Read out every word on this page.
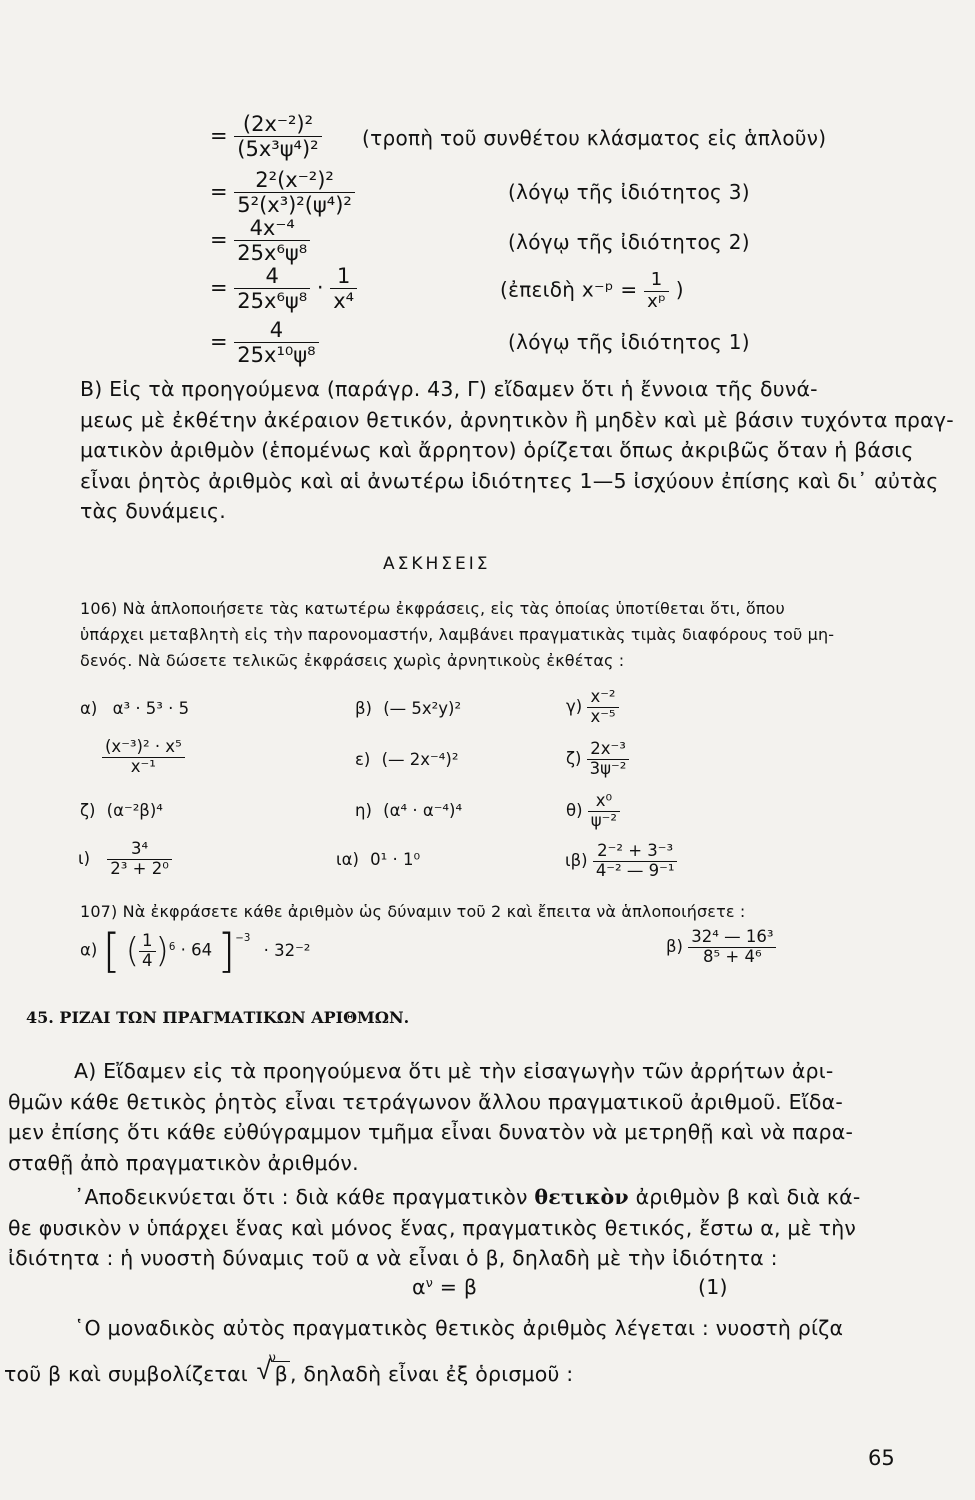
= $\frac{\text{(2x⁻²)²}}{\text{(5x³ψ⁴)²}}$ (τροπὴ τοῦ συνθέτου κλάσματος εἰς ἁπλοῦν)
= $\frac{\text{2²(x⁻²)²}}{\text{5²(x³)²(ψ⁴)²}}$	(λόγῳ τῆς ἰδιότητος 3)
= $\frac{\text{4x⁻⁴}}{\text{25x⁶ψ⁸}}$	(λόγῳ τῆς ἰδιότητος 2)
= $\frac{4}{\text{25x⁶ψ⁸}} \cdot \frac{1}{\text{x⁴}}$	(ἐπειδὴ x⁻ᵖ = $\frac{1}{\text{xᵖ}}$ )
= $\frac{4}{\text{25x¹⁰ψ⁸}}$	(λόγῳ τῆς ἰδιότητος 1)
B) Εἰς τὰ προηγούμενα (παράγρ. 43, Γ) εἴδαμεν ὅτι ἡ ἔννοια τῆς δυνά-
μεως μὲ ἐκθέτην ἀκέραιον θετικόν, ἀρνητικὸν ἢ μηδὲν καὶ μὲ βάσιν τυχόντα πραγ-
ματικὸν ἀριθμὸν (ἑπομένως καὶ ἄρρητον) ὁρίζεται ὅπως ἀκριβῶς ὅταν ἡ βάσις
εἶναι ῥητὸς ἀριθμὸς καὶ αἱ ἀνωτέρω ἰδιότητες 1—5 ἰσχύουν ἐπίσης καὶ δι᾽ αὐτὰς
τὰς δυνάμεις.
ΑΣΚΗΣΕΙΣ
106) Νὰ ἁπλοποιήσετε τὰς κατωτέρω ἐκφράσεις, εἰς τὰς ὁποίας ὑποτίθεται ὅτι, ὅπου
ὑπάρχει μεταβλητὴ εἰς τὴν παρονομαστήν, λαμβάνει πραγματικὰς τιμὰς διαφόρους τοῦ μη-
δενός. Νὰ δώσετε τελικῶς ἐκφράσεις χωρὶς ἀρνητικοὺς ἐκθέτας :
α) α³ · 5³ · 5	β) (— 5x²y)²	$\gamma) \frac{\text{x⁻²}}{\text{x⁻⁵}}$
$\frac{\text{(x⁻³)² · x⁵}}{\text{x⁻¹}}$	ε) (— 2x⁻⁴)²	$\zeta) \frac{\text{2x⁻³}}{\text{3ψ⁻²}}$
ζ) (α⁻²β)⁴	η) (α⁴ · α⁻⁴)⁴	$\theta) \frac{\text{x⁰}}{\text{ψ⁻²}}$
$\iota) \frac{\text{3⁴}}{\text{2³ + 2⁰}}$	ια) 0¹ · 1⁰	$\iota\beta) \frac{\text{2⁻² + 3⁻³}}{\text{4⁻² — 9⁻¹}}$
107) Νὰ ἐκφράσετε κάθε ἀριθμὸν ὡς δύναμιν τοῦ 2 καὶ ἔπειτα νὰ ἁπλοποιήσετε :
α) [ ( $\frac{1}{4} )^6 \cdot 64$ ]$^{-3}$ · 32⁻²	$\beta) \frac{\text{32⁴ — 16³}}{\text{8⁵ + 4⁶}}$
45. ΡΙΖΑΙ ΤΩΝ ΠΡΑΓΜΑΤΙΚΩΝ ΑΡΙΘΜΩΝ.
A) Εἴδαμεν εἰς τὰ προηγούμενα ὅτι μὲ τὴν εἰσαγωγὴν τῶν ἀρρήτων ἀρι-
θμῶν κάθε θετικὸς ῥητὸς εἶναι τετράγωνον ἄλλου πραγματικοῦ ἀριθμοῦ. Εἴδα-
μεν ἐπίσης ὅτι κάθε εὐθύγραμμον τμῆμα εἶναι δυνατὸν νὰ μετρηθῇ καὶ νὰ παρα-
σταθῇ ἀπὸ πραγματικὸν ἀριθμόν.
᾽Αποδεικνύεται ὅτι : διὰ κάθε πραγματικὸν θετικὸν ἀριθμὸν β καὶ διὰ κά-
θε φυσικὸν ν ὑπάρχει ἕνας καὶ μόνος ἕνας, πραγματικὸς θετικός, ἔστω α, μὲ τὴν
ἰδιότητα : ἡ νυοστὴ δύναμις τοῦ α νὰ εἶναι ὁ β, δηλαδὴ μὲ τὴν ἰδιότητα :
$\alpha^\nu = \beta$	(1)
῾Ο μοναδικὸς αὐτὸς πραγματικὸς θετικὸς ἀριθμὸς λέγεται : νυοστὴ ρίζα
τοῦ β καὶ συμβολίζεται
ν
√ β, δηλαδὴ εἶναι ἐξ ὁρισμοῦ :
65
